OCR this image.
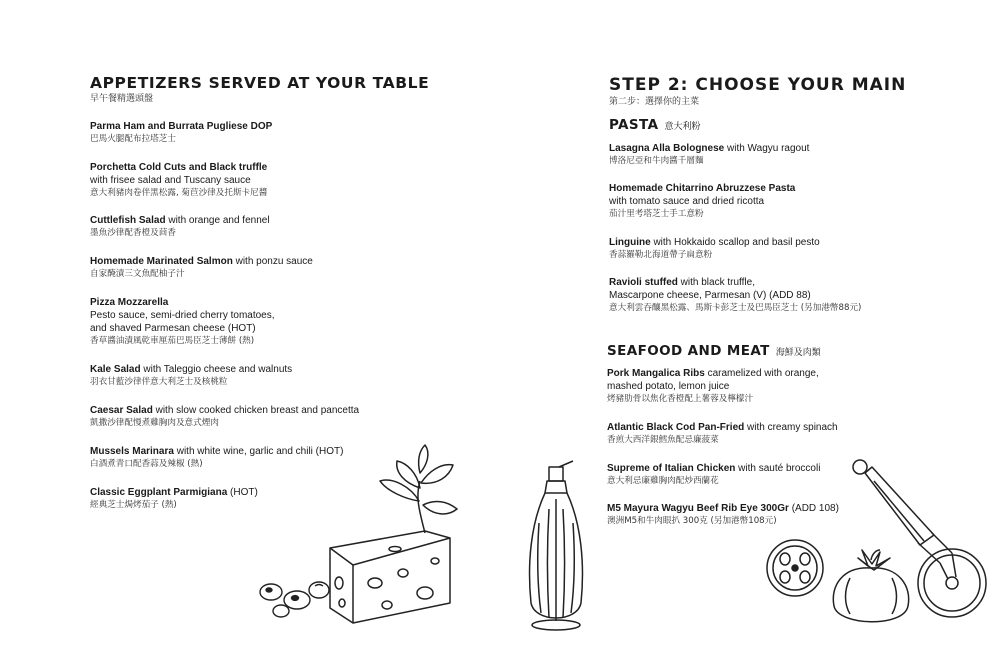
APPETIZERS SERVED AT YOUR TABLE
早午餐精選頭盤
Parma Ham and Burrata Pugliese DOP
巴馬火腿配布拉塔芝士
Porchetta Cold Cuts and Black truffle
with frisee salad and Tuscany sauce
意大利豬肉卷伴黑松露, 菊苣沙律及托斯卡尼醬
Cuttlefish Salad with orange and fennel
墨魚沙律配香橙及茴香
Homemade Marinated Salmon with ponzu sauce
自家醃漬三文魚配柚子汁
Pizza Mozzarella
Pesto sauce, semi-dried cherry tomatoes,
and shaved Parmesan cheese (HOT)
香草醬油漬風乾車厘茄巴馬臣芝士薄餅 (熱)
Kale Salad with Taleggio cheese and walnuts
羽衣甘藍沙律伴意大利芝士及核桃粒
Caesar Salad with slow cooked chicken breast and pancetta
凱撒沙律配慢煮雞胸肉及意式煙肉
Mussels Marinara with white wine, garlic and chili (HOT)
白酒煮青口配香蒜及辣椒 (熱)
Classic Eggplant Parmigiana (HOT)
經典芝士焗烤茄子 (熱)
STEP 2: CHOOSE YOUR MAIN
第二步：選擇你的主菜
PASTA 意大利粉
Lasagna Alla Bolognese with Wagyu ragout
博洛尼亞和牛肉醬千層麵
Homemade Chitarrino Abruzzese Pasta
with tomato sauce and dried ricotta
茄汁里考塔芝士手工意粉
Linguine with Hokkaido scallop and basil pesto
香蒜羅勒北海道帶子扁意粉
Ravioli stuffed with black truffle,
Mascarpone cheese, Parmesan (V) (ADD 88)
意大利雲吞釀黑松露、馬斯卡彭芝士及巴馬臣芝士 (另加港幣88元)
SEAFOOD AND MEAT 海鮮及肉類
Pork Mangalica Ribs caramelized with orange,
mashed potato, lemon juice
烤豬肋骨以焦化香橙配上薯蓉及檸檬汁
Atlantic Black Cod Pan-Fried with creamy spinach
香煎大西洋銀鱈魚配忌廉菠菜
Supreme of Italian Chicken with sauté broccoli
意大利忌廉雞胸肉配炒西蘭花
M5 Mayura Wagyu Beef Rib Eye 300Gr (ADD 108)
澳洲M5和牛肉眼扒 300克 (另加港幣108元)
